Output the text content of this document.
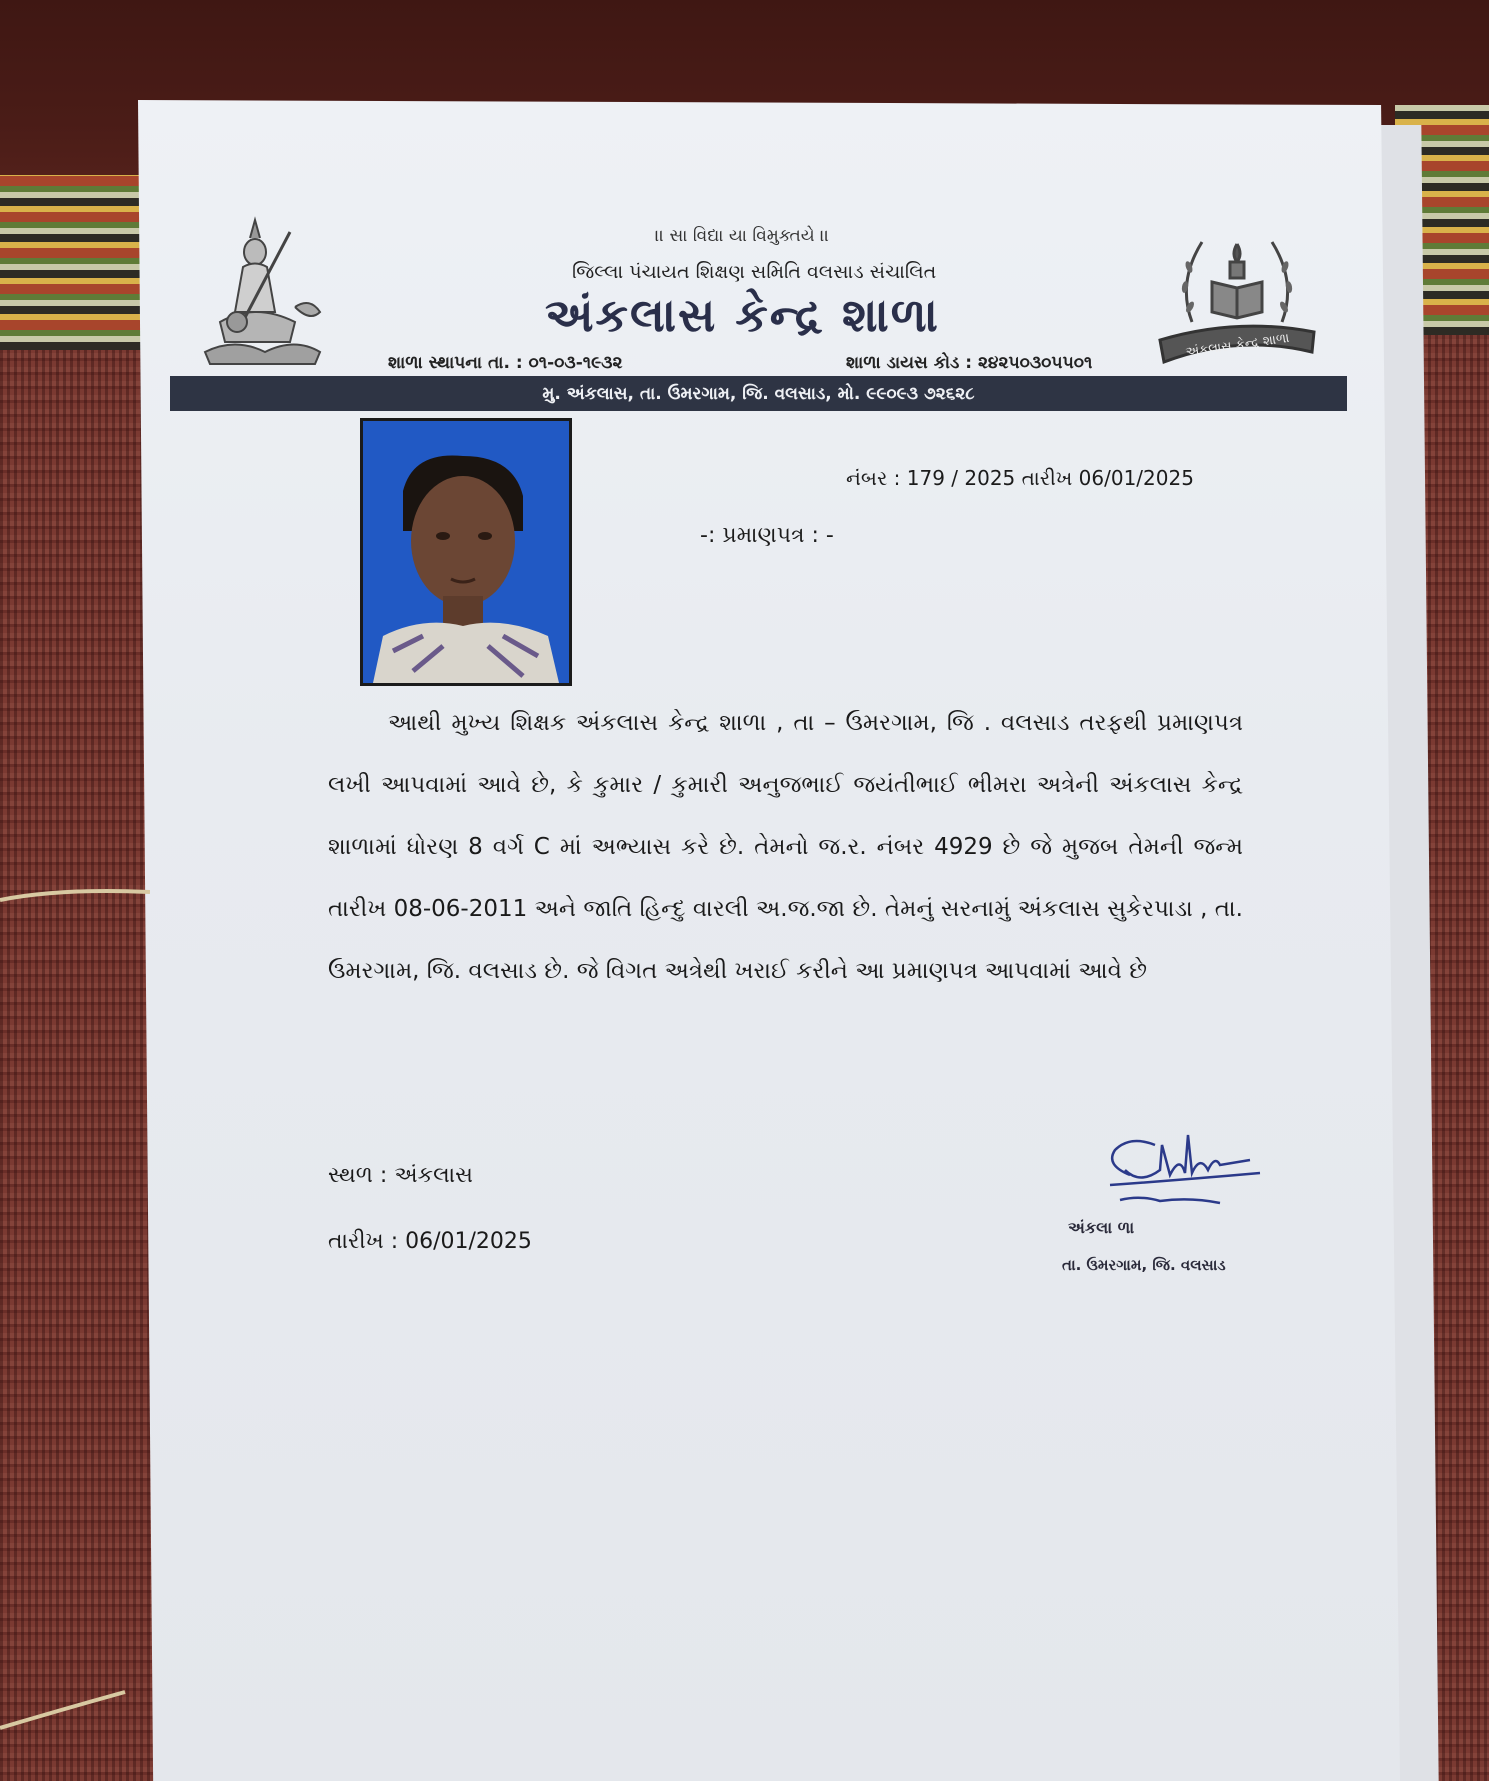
।। સા વિદ્યા યા વિમુક્તયે ।।
જિલ્લા પંચાયત શિક્ષણ સમિતિ વલસાડ સંચાલિત
અંકલાસ કેન્દ્ર શાળા
અંકલાસ કેન્દ્ર શાળા
શાળા સ્થાપના તા. : ૦૧-૦૩-૧૯૩૨	શાળા ડાયસ કોડ : ૨૪૨૫૦૩૦૫૫૦૧
મુ. અંકલાસ, તા. ઉમરગામ, જિ. વલસાડ, મો. ૯૯૦૯૩ ૭૨૬૨૮
નંબર : 179 / 2025 તારીખ 06/01/2025
-: પ્રમાણપત્ર : -
આથી મુખ્ય શિક્ષક અંકલાસ કેન્દ્ર શાળા , તા – ઉમરગામ, જિ . વલસાડ તરફથી પ્રમાણપત્ર લખી આપવામાં આવે છે, કે કુમાર / કુમારી અનુજભાઈ જયંતીભાઈ ભીમરા અત્રેની અંકલાસ કેન્દ્ર શાળામાં ધોરણ 8 વર્ગ C માં અભ્યાસ કરે છે. તેમનો જ.ર. નંબર 4929 છે જે મુજબ તેમની જન્મ તારીખ 08-06-2011 અને જાતિ હિન્દુ વારલી અ.જ.જા છે. તેમનું સરનામું અંકલાસ સુકેરપાડા , તા. ઉમરગામ, જિ. વલસાડ છે. જે વિગત અત્રેથી ખરાઈ કરીને આ પ્રમાણપત્ર આપવામાં આવે છે
સ્થળ : અંકલાસ
તારીખ : 06/01/2025
અંકલા ળા
તા. ઉમરગામ, જિ. વલસાડ
